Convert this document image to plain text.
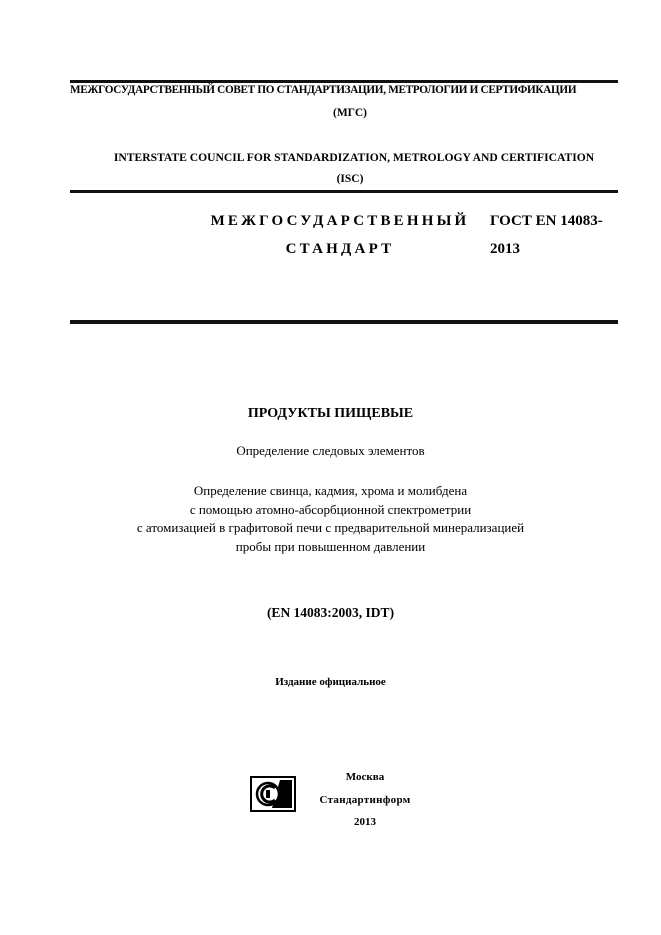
МЕЖГОСУДАРСТВЕННЫЙ СОВЕТ ПО СТАНДАРТИЗАЦИИ, МЕТРОЛОГИИ И СЕРТИФИКАЦИИ
(МГС)
INTERSTATE COUNCIL FOR STANDARDIZATION, METROLOGY AND CERTIFICATION
(ISC)
МЕЖГОСУДАРСТВЕННЫЙ
СТАНДАРТ
ГОСТ EN 14083-
2013
ПРОДУКТЫ ПИЩЕВЫЕ
Определение следовых элементов
Определение свинца, кадмия, хрома и молибдена
с помощью атомно-абсорбционной спектрометрии
с атомизацией в графитовой печи с предварительной минерализацией
пробы при повышенном давлении
(EN 14083:2003, IDT)
Издание официальное
Москва
Стандартинформ
2013
